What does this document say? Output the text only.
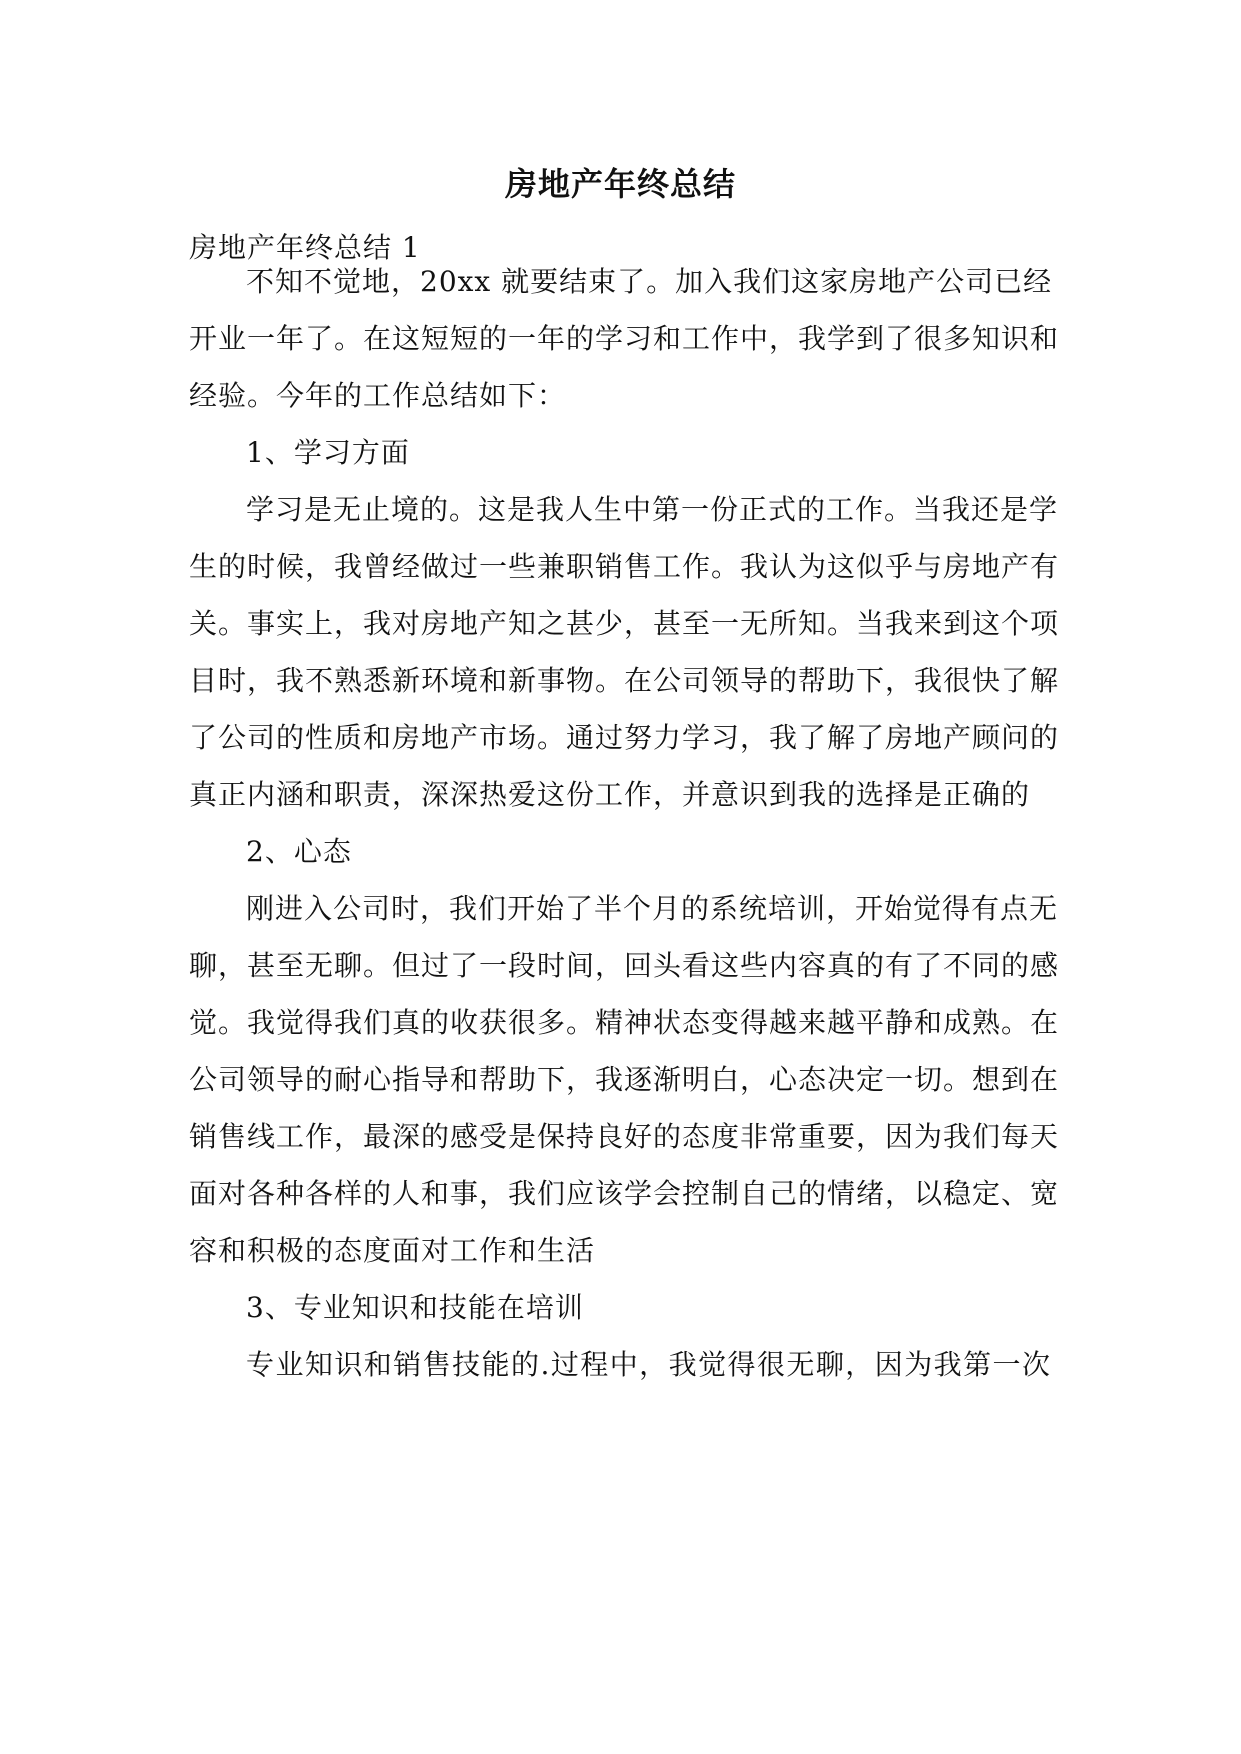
房地产年终总结
房地产年终总结 1
不知不觉地，20xx 就要结束了。加入我们这家房地产公司已经
开业一年了。在这短短的一年的学习和工作中，我学到了很多知识和
经验。今年的工作总结如下：
1、学习方面
学习是无止境的。这是我人生中第一份正式的工作。当我还是学
生的时候，我曾经做过一些兼职销售工作。我认为这似乎与房地产有
关。事实上，我对房地产知之甚少，甚至一无所知。当我来到这个项
目时，我不熟悉新环境和新事物。在公司领导的帮助下，我很快了解
了公司的性质和房地产市场。通过努力学习，我了解了房地产顾问的
真正内涵和职责，深深热爱这份工作，并意识到我的选择是正确的
2、心态
刚进入公司时，我们开始了半个月的系统培训，开始觉得有点无
聊，甚至无聊。但过了一段时间，回头看这些内容真的有了不同的感
觉。我觉得我们真的收获很多。精神状态变得越来越平静和成熟。在
公司领导的耐心指导和帮助下，我逐渐明白，心态决定一切。想到在
销售线工作，最深的感受是保持良好的态度非常重要，因为我们每天
面对各种各样的人和事，我们应该学会控制自己的情绪，以稳定、宽
容和积极的态度面对工作和生活
3、专业知识和技能在培训
专业知识和销售技能的.过程中，我觉得很无聊，因为我第一次
